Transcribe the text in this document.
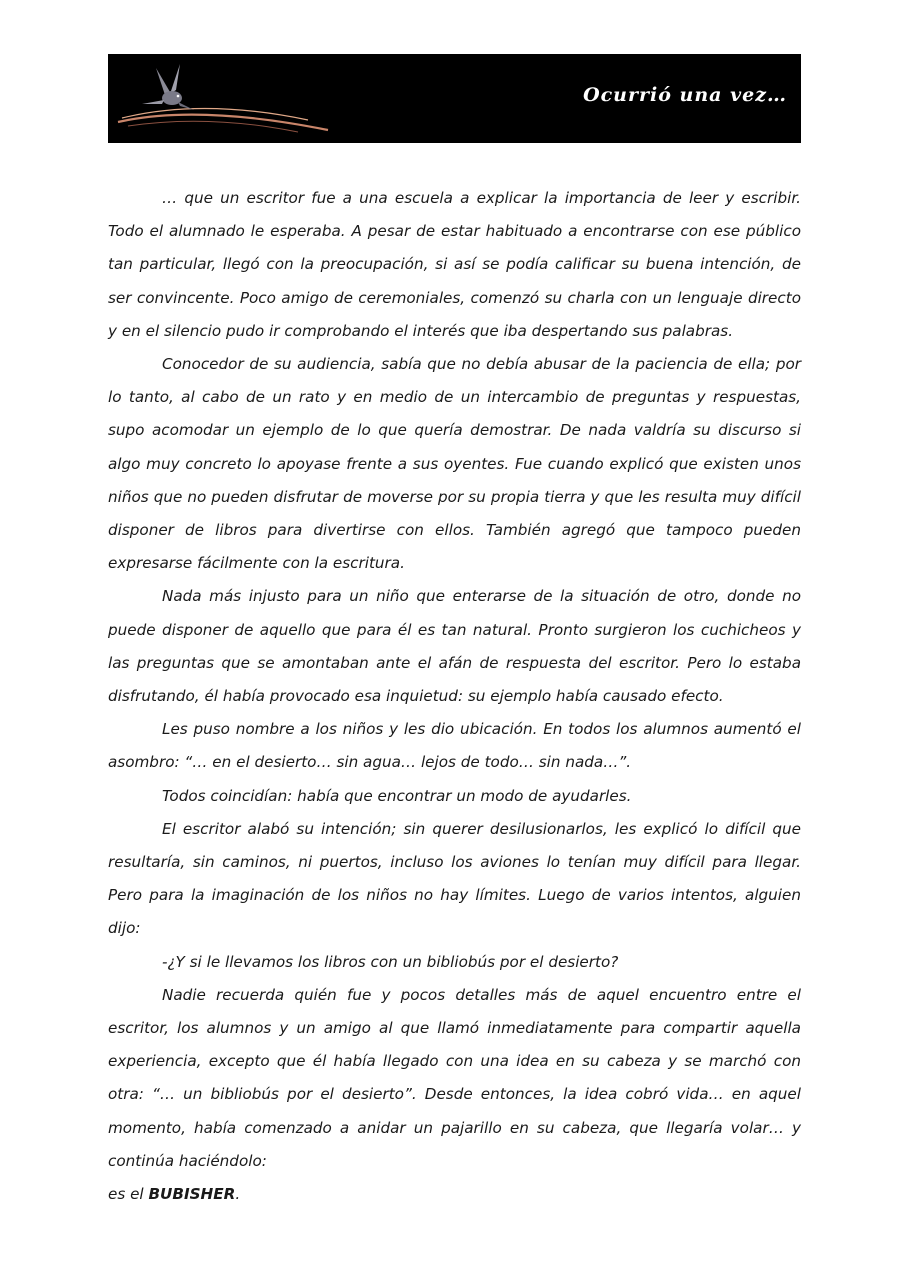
Ocurrió una vez…

… que un escritor fue a una escuela a explicar la importancia de leer y escribir. Todo el alumnado le esperaba. A pesar de estar habituado a encontrarse con ese público tan particular, llegó con la preocupación, si así se podía calificar su buena intención, de ser convincente. Poco amigo de ceremoniales, comenzó su charla con un lenguaje directo y en el silencio pudo ir comprobando el interés que iba despertando sus palabras.

Conocedor de su audiencia, sabía que no debía abusar de la paciencia de ella; por lo tanto, al cabo de un rato y en medio de un intercambio de preguntas y respuestas, supo acomodar un ejemplo de lo que quería demostrar. De nada valdría su discurso si algo muy concreto lo apoyase frente a sus oyentes. Fue cuando explicó que existen unos niños que no pueden disfrutar de moverse por su propia tierra y que les resulta muy difícil disponer de libros para divertirse con ellos. También agregó que tampoco pueden expresarse fácilmente con la escritura.

Nada más injusto para un niño que enterarse de la situación de otro, donde no puede disponer de aquello que para él es tan natural. Pronto surgieron los cuchicheos y las preguntas que se amontaban ante el afán de respuesta del escritor. Pero lo estaba disfrutando, él había provocado esa inquietud: su ejemplo había causado efecto.

Les puso nombre a los niños y les dio ubicación. En todos los alumnos aumentó el asombro: “… en el desierto… sin agua… lejos de todo… sin nada…”.

Todos coincidían: había que encontrar un modo de ayudarles.

El escritor alabó su intención; sin querer desilusionarlos, les explicó lo difícil que resultaría, sin caminos, ni puertos, incluso los aviones lo tenían muy difícil para llegar. Pero para la imaginación de los niños no hay límites. Luego de varios intentos, alguien dijo:

-¿Y si le llevamos los libros con un bibliobús por el desierto?

Nadie recuerda quién fue y pocos detalles más de aquel encuentro entre el escritor, los alumnos y un amigo al que llamó inmediatamente para compartir aquella experiencia, excepto que él había llegado con una idea en su cabeza y se marchó con otra: “… un bibliobús por el desierto”. Desde entonces, la idea cobró vida… en aquel momento, había comenzado a anidar un pajarillo en su cabeza, que llegaría volar… y continúa haciéndolo:

es el BUBISHER.
